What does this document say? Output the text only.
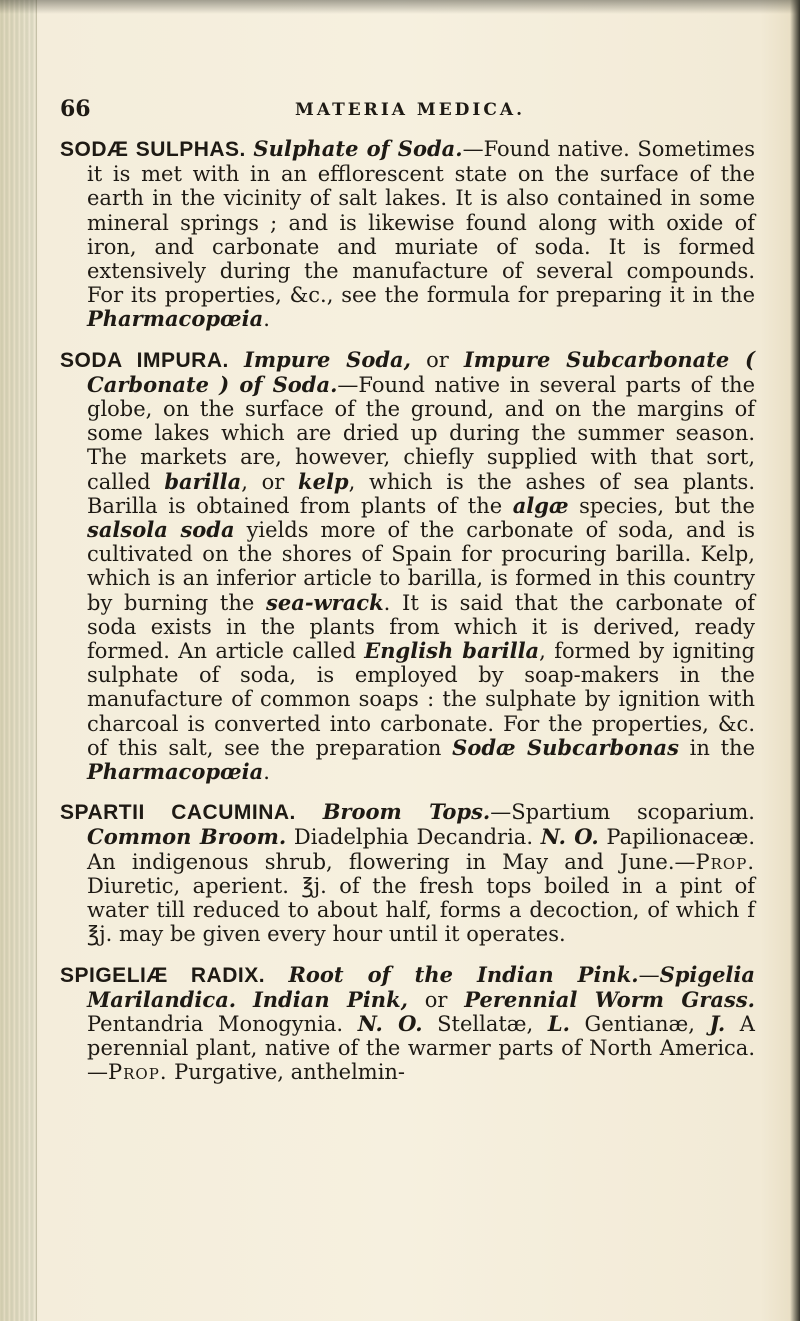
66	MATERIA MEDICA.

SODÆ SULPHAS. Sulphate of Soda.—Found native. Sometimes it is met with in an efflorescent state on the surface of the earth in the vicinity of salt lakes. It is also contained in some mineral springs ; and is likewise found along with oxide of iron, and carbonate and muriate of soda. It is formed extensively during the manufacture of several compounds. For its properties, &c., see the formula for preparing it in the Pharmacopœia.

SODA IMPURA. Impure Soda, or Impure Subcarbonate ( Carbonate ) of Soda.—Found native in several parts of the globe, on the surface of the ground, and on the margins of some lakes which are dried up during the summer season. The markets are, however, chiefly supplied with that sort, called barilla, or kelp, which is the ashes of sea plants. Barilla is obtained from plants of the algæ species, but the salsola soda yields more of the carbonate of soda, and is cultivated on the shores of Spain for procuring barilla. Kelp, which is an inferior article to barilla, is formed in this country by burning the sea-wrack. It is said that the carbonate of soda exists in the plants from which it is derived, ready formed. An article called English barilla, formed by igniting sulphate of soda, is employed by soap-makers in the manufacture of common soaps : the sulphate by ignition with charcoal is converted into carbonate. For the properties, &c. of this salt, see the preparation Sodæ Subcarbonas in the Pharmacopœia.

SPARTII CACUMINA. Broom Tops.—Spartium scoparium. Common Broom. Diadelphia Decandria. N. O. Papilionaceæ. An indigenous shrub, flowering in May and June.—Prop. Diuretic, aperient. ℥j. of the fresh tops boiled in a pint of water till reduced to about half, forms a decoction, of which f ℥j. may be given every hour until it operates.

SPIGELIÆ RADIX. Root of the Indian Pink.—Spigelia Marilandica. Indian Pink, or Perennial Worm Grass. Pentandria Monogynia. N. O. Stellatæ, L. Gentianæ, J. A perennial plant, native of the warmer parts of North America.—Prop. Purgative, anthelmin-
